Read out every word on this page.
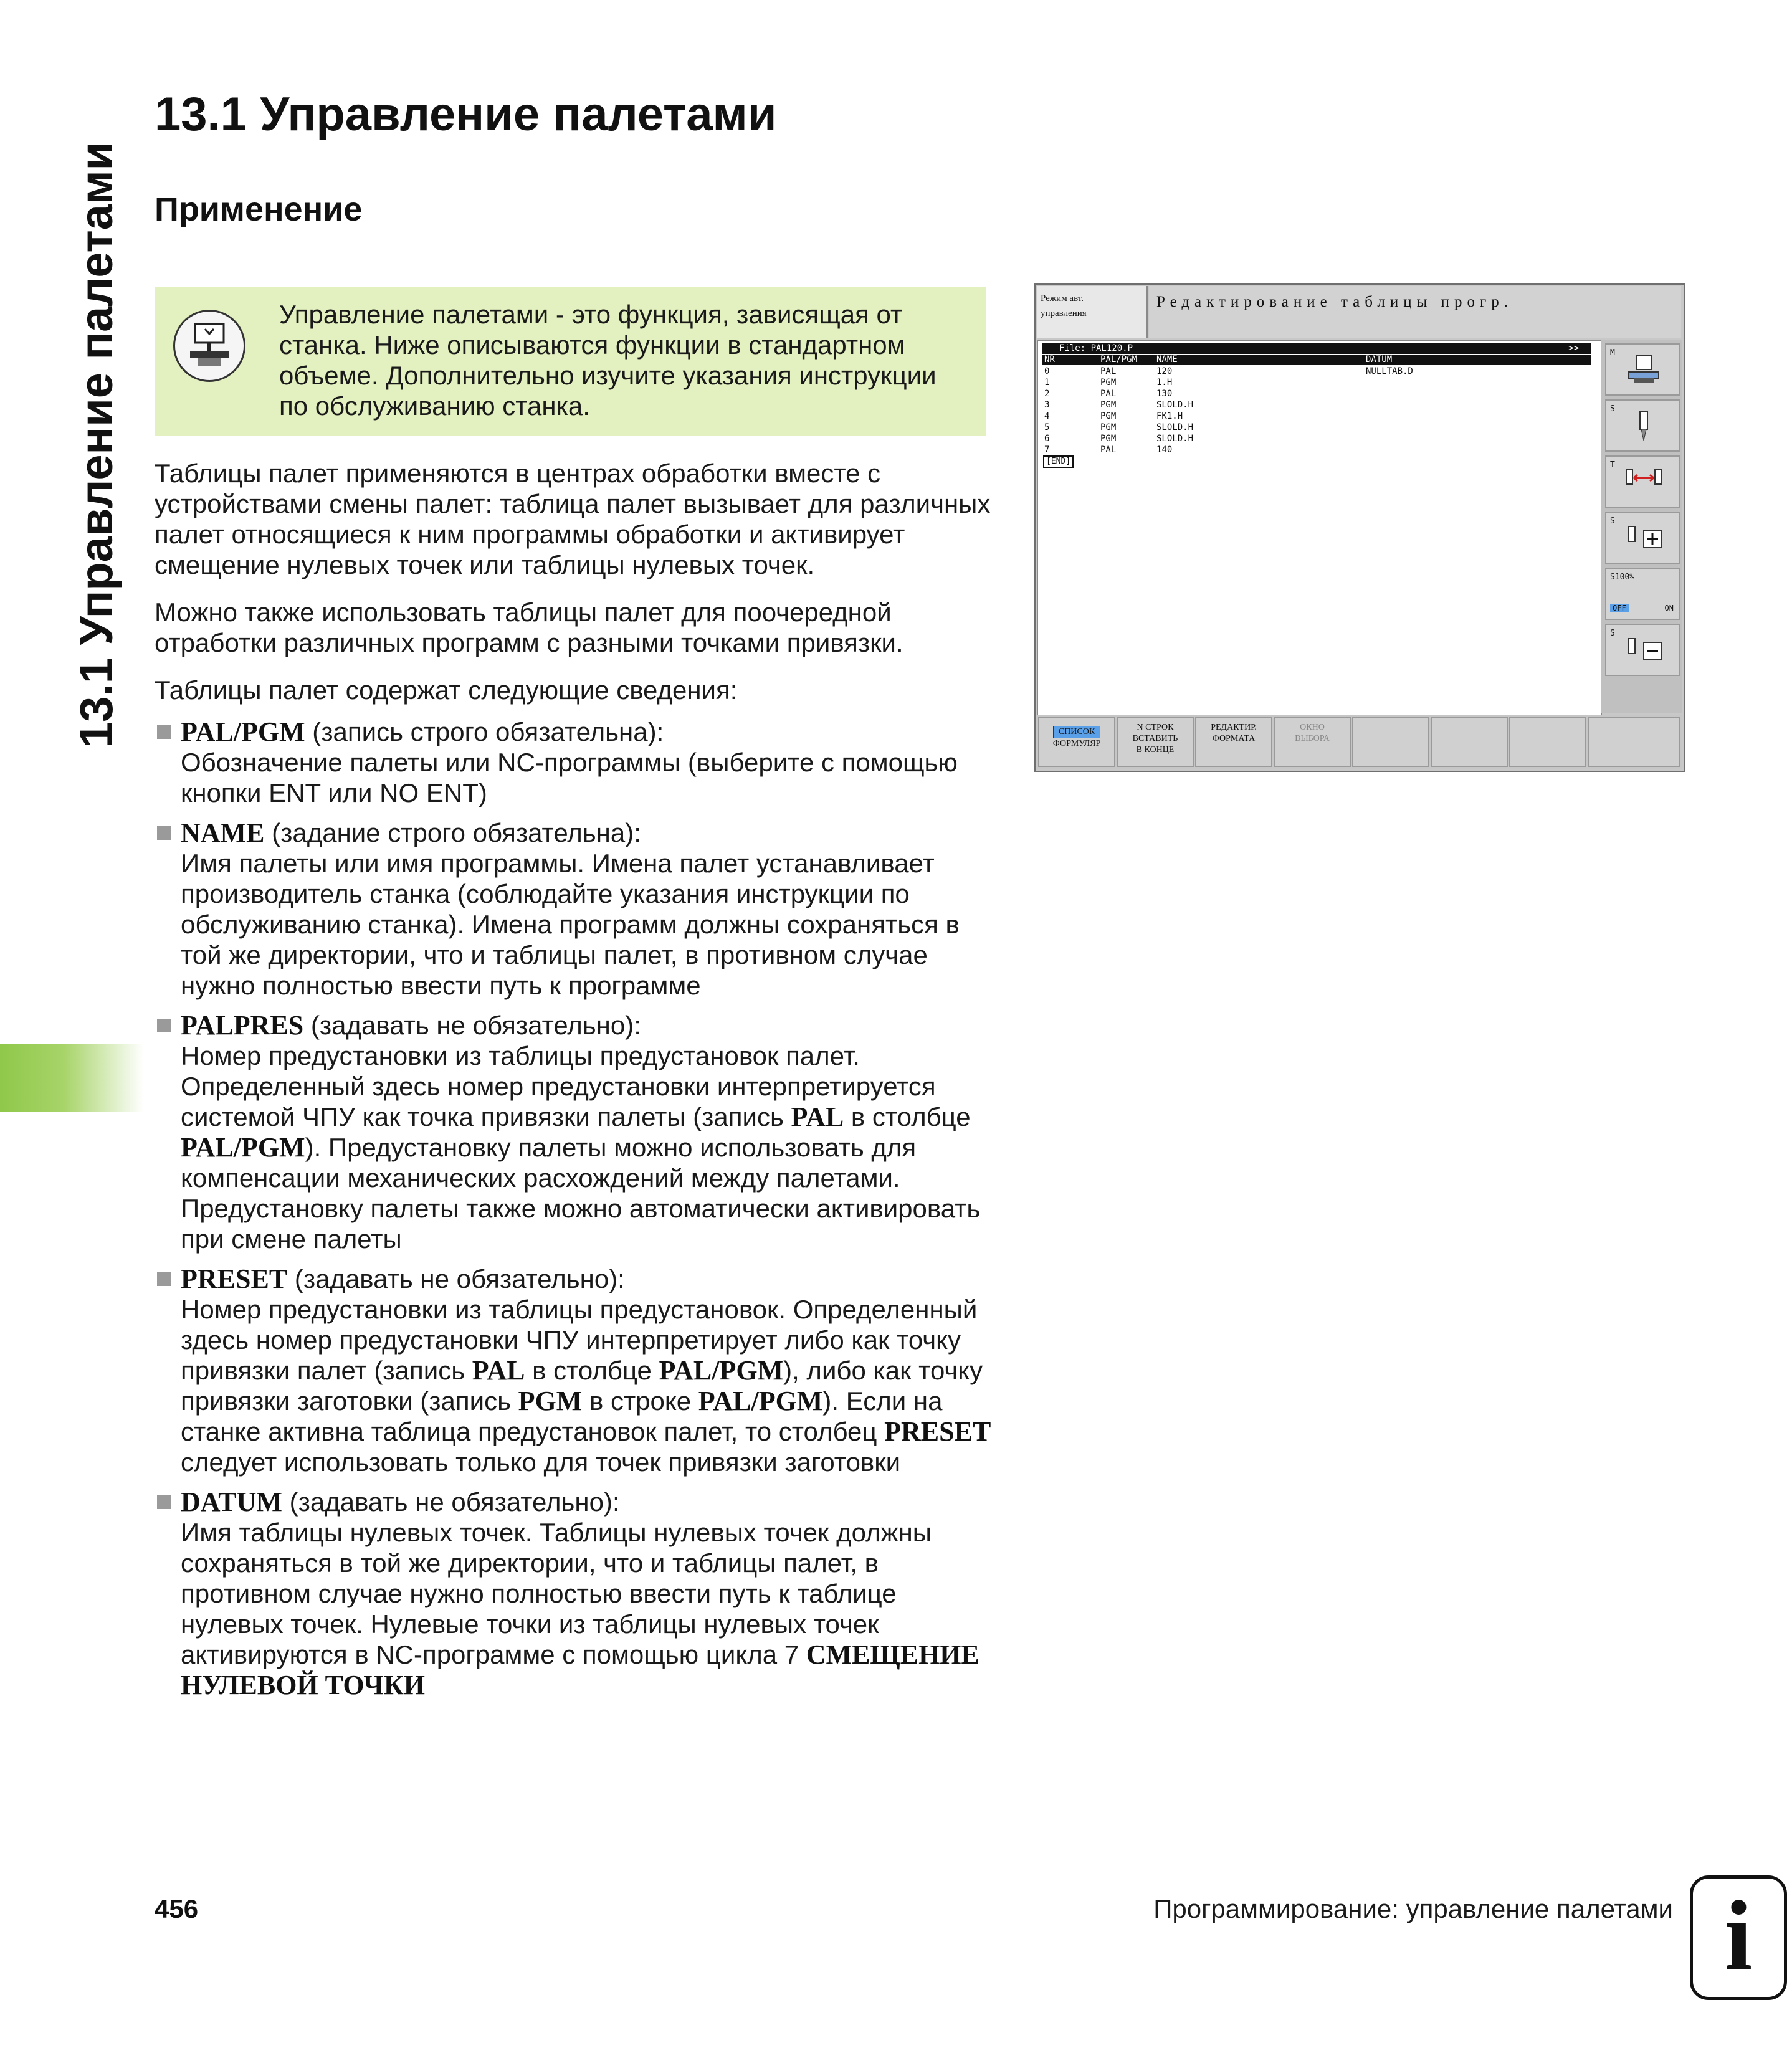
13.1 Управление палетами
13.1 Управление палетами
Применение
Управление палетами - это функция, зависящая от станка. Ниже описываются функции в стандартном объеме. Дополнительно изучите указания инструкции по обслуживанию станка.

Таблицы палет применяются в центрах обработки вместе с устройствами смены палет: таблица палет вызывает для различных палет относящиеся к ним программы обработки и активирует смещение нулевых точек или таблицы нулевых точек.

Можно также использовать таблицы палет для поочередной отработки различных программ с разными точками привязки.

Таблицы палет содержат следующие сведения:

PAL/PGM (запись строго обязательна):
Обозначение палеты или NC-программы (выберите с помощью кнопки ENT или NO ENT)
NAME (задание строго обязательна):
Имя палеты или имя программы. Имена палет устанавливает производитель станка (соблюдайте указания инструкции по обслуживанию станка). Имена программ должны сохраняться в той же директории, что и таблицы палет, в противном случае нужно полностью ввести путь к программе
PALPRES (задавать не обязательно):
Номер предустановки из таблицы предустановок палет. Определенный здесь номер предустановки интерпретируется системой ЧПУ как точка привязки палеты (запись PAL в столбце PAL/PGM). Предустановку палеты можно использовать для компенсации механических расхождений между палетами. Предустановку палеты также можно автоматически активировать при смене палеты
PRESET (задавать не обязательно):
Номер предустановки из таблицы предустановок. Определенный здесь номер предустановки ЧПУ интерпретирует либо как точку привязки палет (запись PAL в столбце PAL/PGM), либо как точку привязки заготовки (запись PGM в строке PAL/PGM). Если на станке активна таблица предустановок палет, то столбец PRESET следует использовать только для точек привязки заготовки
DATUM (задавать не обязательно):
Имя таблицы нулевых точек. Таблицы нулевых точек должны сохраняться в той же директории, что и таблицы палет, в противном случае нужно полностью ввести путь к таблице нулевых точек. Нулевые точки из таблицы нулевых точек активируются в NC-программе с помощью цикла 7 СМЕЩЕНИЕ НУЛЕВОЙ ТОЧКИ
Режим авт.
управления
Редактирование таблицы прогр.
File: PAL120.P	>>
NR	PAL/PGM NAME	DATUM
0	PAL	120	NULLTAB.D
1	PGM	1.H
2	PAL	130
3	PGM	SLOLD.H
4	PGM	FK1.H
5	PGM	SLOLD.H
6	PGM	SLOLD.H
7	PAL	140
[END]
M
S
T
S
S100%
OFF	ON
S
СПИСОК
ФОРМУЛЯР
N СТРОК
ВСТАВИТЬ
В КОНЦЕ
РЕДАКТИР.
ФОРМАТА
ОКНО
ВЫБОРА
456	Программирование: управление палетами i
